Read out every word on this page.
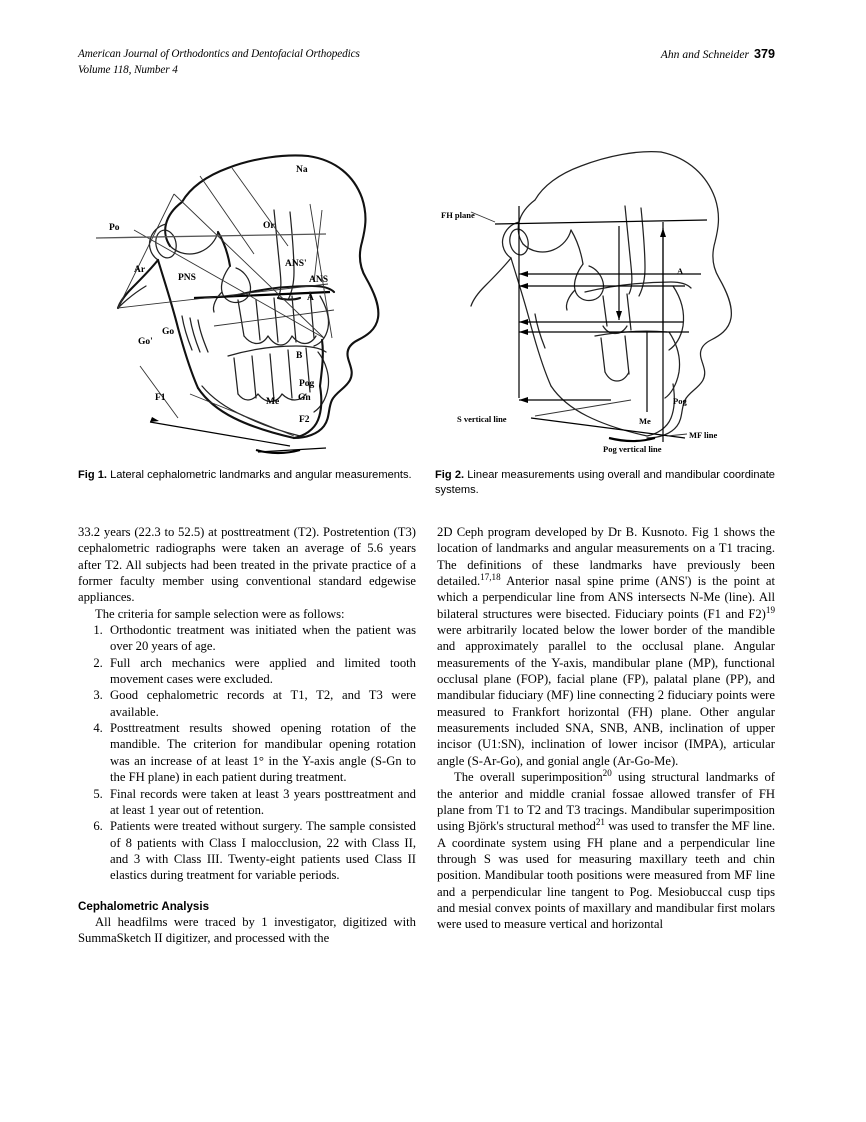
American Journal of Orthodontics and Dentofacial Orthopedics
Volume 118, Number 4
Ahn and Schneider 379
Na
Po	Or
Ar
PNS
ANS'
ANS
A
Go'
Go
B
Pog
Gn
Me
F1
F2
FH plane
S vertical line
Pog vertical line
MF line
A
Pog
Me
Fig 1. Lateral cephalometric landmarks and angular measurements.	Fig 2. Linear measurements using overall and mandibular coordinate systems.

33.2 years (22.3 to 52.5) at posttreatment (T2). Postretention (T3) cephalometric radiographs were taken an average of 5.6 years after T2. All subjects had been treated in the private practice of a former faculty member using conventional standard edgewise appliances.

The criteria for sample selection were as follows:

1. Orthodontic treatment was initiated when the patient was over 20 years of age.
2. Full arch mechanics were applied and limited tooth movement cases were excluded.
3. Good cephalometric records at T1, T2, and T3 were available.
4. Posttreatment results showed opening rotation of the mandible. The criterion for mandibular opening rotation was an increase of at least 1° in the Y-axis angle (S-Gn to the FH plane) in each patient during treatment.
5. Final records were taken at least 3 years posttreatment and at least 1 year out of retention.
6. Patients were treated without surgery. The sample consisted of 8 patients with Class I malocclusion, 22 with Class II, and 3 with Class III. Twenty-eight patients used Class II elastics during treatment for variable periods.
Cephalometric Analysis

All headfilms were traced by 1 investigator, digitized with SummaSketch II digitizer, and processed with the

2D Ceph program developed by Dr B. Kusnoto. Fig 1 shows the location of landmarks and angular measurements on a T1 tracing. The definitions of these landmarks have previously been detailed.$^{17,18}$ Anterior nasal spine prime (ANS') is the point at which a perpendicular line from ANS intersects N-Me (line). All bilateral structures were bisected. Fiduciary points (F1 and F2)$^{19}$ were arbitrarily located below the lower border of the mandible and approximately parallel to the occlusal plane. Angular measurements of the Y-axis, mandibular plane (MP), functional occlusal plane (FOP), facial plane (FP), palatal plane (PP), and mandibular fiduciary (MF) line connecting 2 fiduciary points were measured to Frankfort horizontal (FH) plane. Other angular measurements included SNA, SNB, ANB, inclination of upper incisor (U1:SN), inclination of lower incisor (IMPA), articular angle (S-Ar-Go), and gonial angle (Ar-Go-Me).

The overall superimposition$^{20}$ using structural landmarks of the anterior and middle cranial fossae allowed transfer of FH plane from T1 to T2 and T3 tracings. Mandibular superimposition using Björk's structural method$^{21}$ was used to transfer the MF line. A coordinate system using FH plane and a perpendicular line through S was used for measuring maxillary teeth and chin position. Mandibular tooth positions were measured from MF line and a perpendicular line tangent to Pog. Mesiobuccal cusp tips and mesial convex points of maxillary and mandibular first molars were used to measure vertical and horizontal
